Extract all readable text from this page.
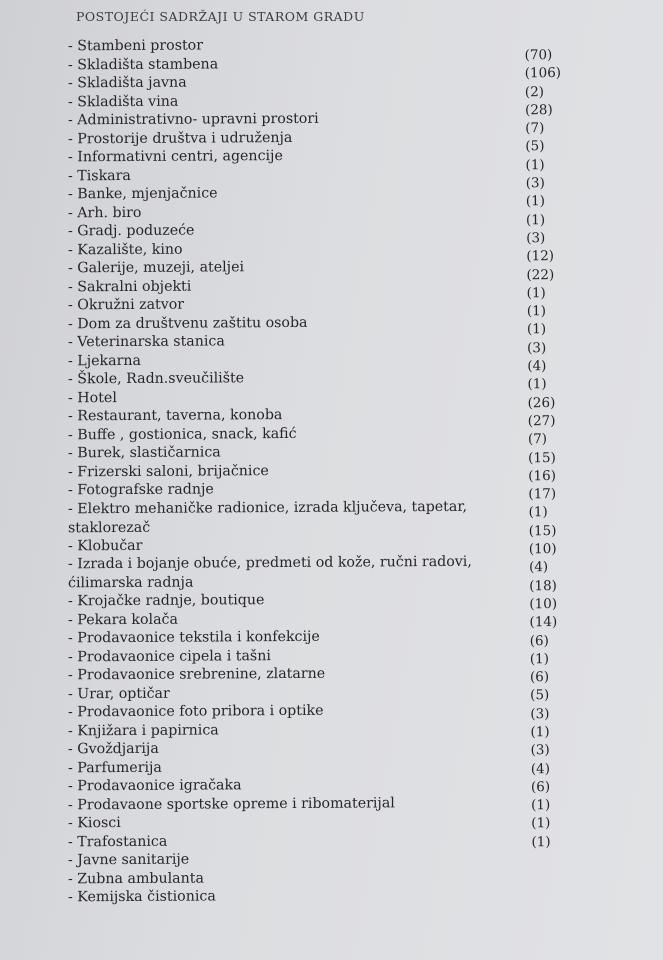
POSTOJEĆI SADRŽAJI U STAROM GRADU
- Stambeni prostor
- Skladišta stambena
- Skladišta javna
- Skladišta vina
- Administrativno- upravni prostori
- Prostorije društva i udruženja
- Informativni centri, agencije
- Tiskara
- Banke, mjenjačnice
- Arh. biro
- Gradj. poduzeće
- Kazalište, kino
- Galerije, muzeji, ateljei
- Sakralni objekti
- Okružni zatvor
- Dom za društvenu zaštitu osoba
- Veterinarska stanica
- Ljekarna
- Škole, Radn.sveučilište
- Hotel
- Restaurant, taverna, konoba
- Buffe , gostionica, snack, kafić
- Burek, slastičarnica
- Frizerski saloni, brijačnice
- Fotografske radnje
- Elektro mehaničke radionice, izrada ključeva, tapetar, staklorezač
- Klobučar
- Izrada i bojanje obuće, predmeti od kože, ručni radovi, ćilimarska radnja
- Krojačke radnje, boutique
- Pekara kolača
- Prodavaonice tekstila i konfekcije
- Prodavaonice cipela i tašni
- Prodavaonice srebrenine, zlatarne
- Urar, optičar
- Prodavaonice foto pribora i optike
- Knjižara i papirnica
- Gvoždjarija
- Parfumerija
- Prodavaonice igračaka
- Prodavaone sportske opreme i ribomaterijal
- Kiosci
- Trafostanica
- Javne sanitarije
- Zubna ambulanta
- Kemijska čistionica
(70)
(106)
(2)
(28)
(7)
(5)
(1)
(3)
(1)
(1)
(3)
(12)
(22)
(1)
(1)
(1)
(3)
(4)
(1)
(26)
(27)
(7)
(15)
(16)
(17)
(1)
(15)
(10)
(4)
(18)
(10)
(14)
(6)
(1)
(6)
(5)
(3)
(1)
(3)
(4)
(6)
(1)
(1)
(1)
